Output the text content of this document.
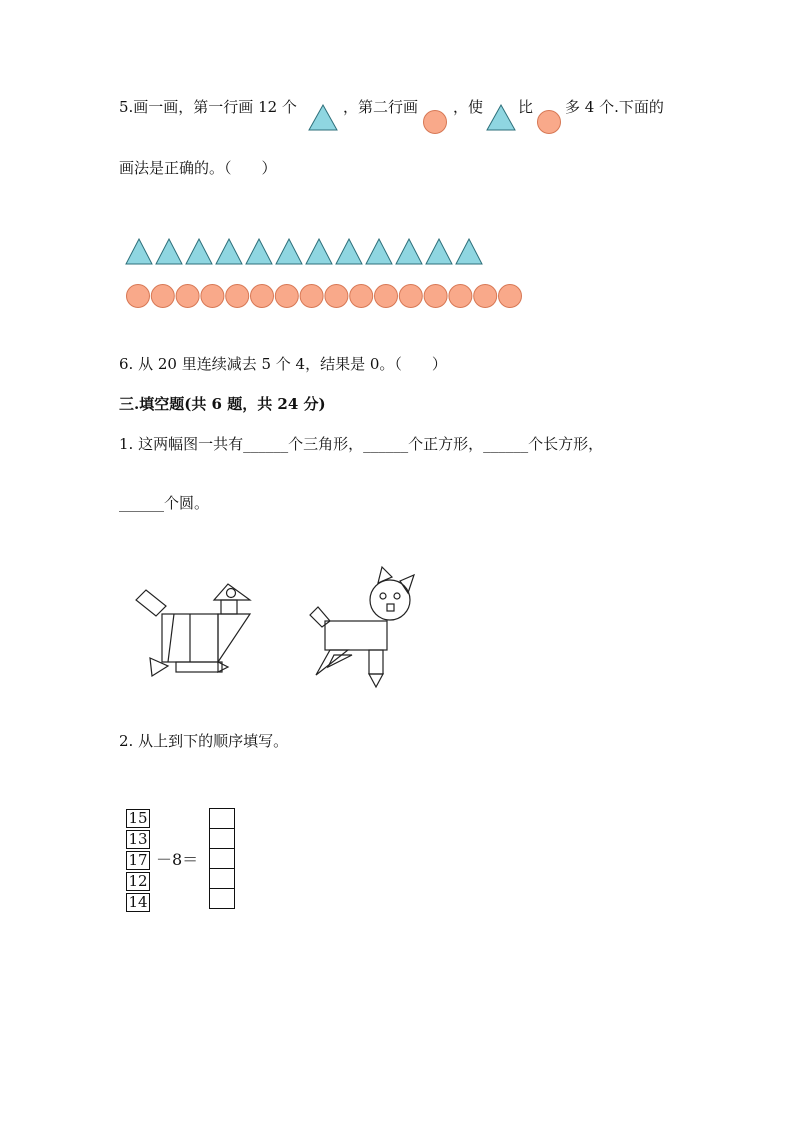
5.画一画，第一行画 12 个	，第二行画 ，使 比 多 4 个.下面的
画法是正确的。（　　）
6. 从 20 里连续减去 5 个 4，结果是 0。（　　）
三.填空题(共 6 题，共 24 分)
1. 这两幅图一共有______个三角形，______个正方形，______个长方形，
______个圆。
2. 从上到下的顺序填写。
15
13
17
12
14
－8＝
